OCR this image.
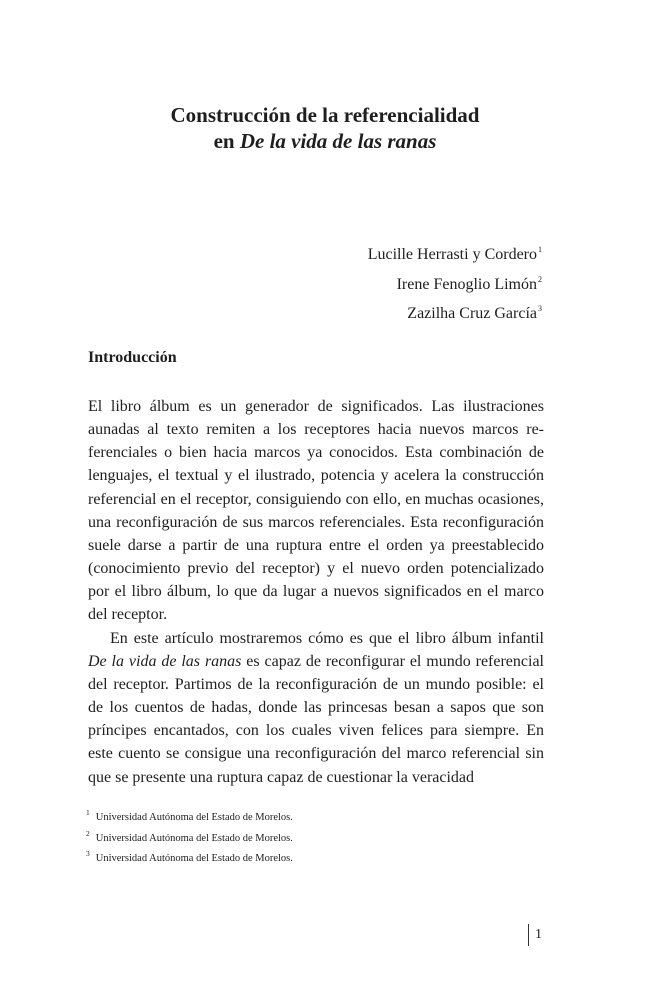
Construcción de la referencialidad
en De la vida de las ranas
Lucille Herrasti y Cordero$^1$
Irene Fenoglio Limón$^2$
Zazilha Cruz García$^3$
Introducción

El libro álbum es un generador de significados. Las ilustraciones aunadas al texto remiten a los receptores hacia nuevos marcos referenciales o bien hacia marcos ya conocidos. Esta combinación de lenguajes, el textual y el ilustrado, potencia y acelera la construcción referencial en el receptor, consiguiendo con ello, en muchas ocasiones, una reconfiguración de sus marcos referenciales. Esta reconfiguración suele darse a partir de una ruptura entre el orden ya preestablecido (conocimiento previo del receptor) y el nuevo orden potencializado por el libro álbum, lo que da lugar a nuevos significados en el marco del receptor.

En este artículo mostraremos cómo es que el libro álbum infantil De la vida de las ranas es capaz de reconfigurar el mundo referencial del receptor. Partimos de la reconfiguración de un mundo posible: el de los cuentos de hadas, donde las princesas besan a sapos que son príncipes encantados, con los cuales viven felices para siempre. En este cuento se consigue una reconfiguración del marco referencial sin que se presente una ruptura capaz de cuestionar la veracidad

$^1$ Universidad Autónoma del Estado de Morelos.
$^2$ Universidad Autónoma del Estado de Morelos.
$^3$ Universidad Autónoma del Estado de Morelos.
1
